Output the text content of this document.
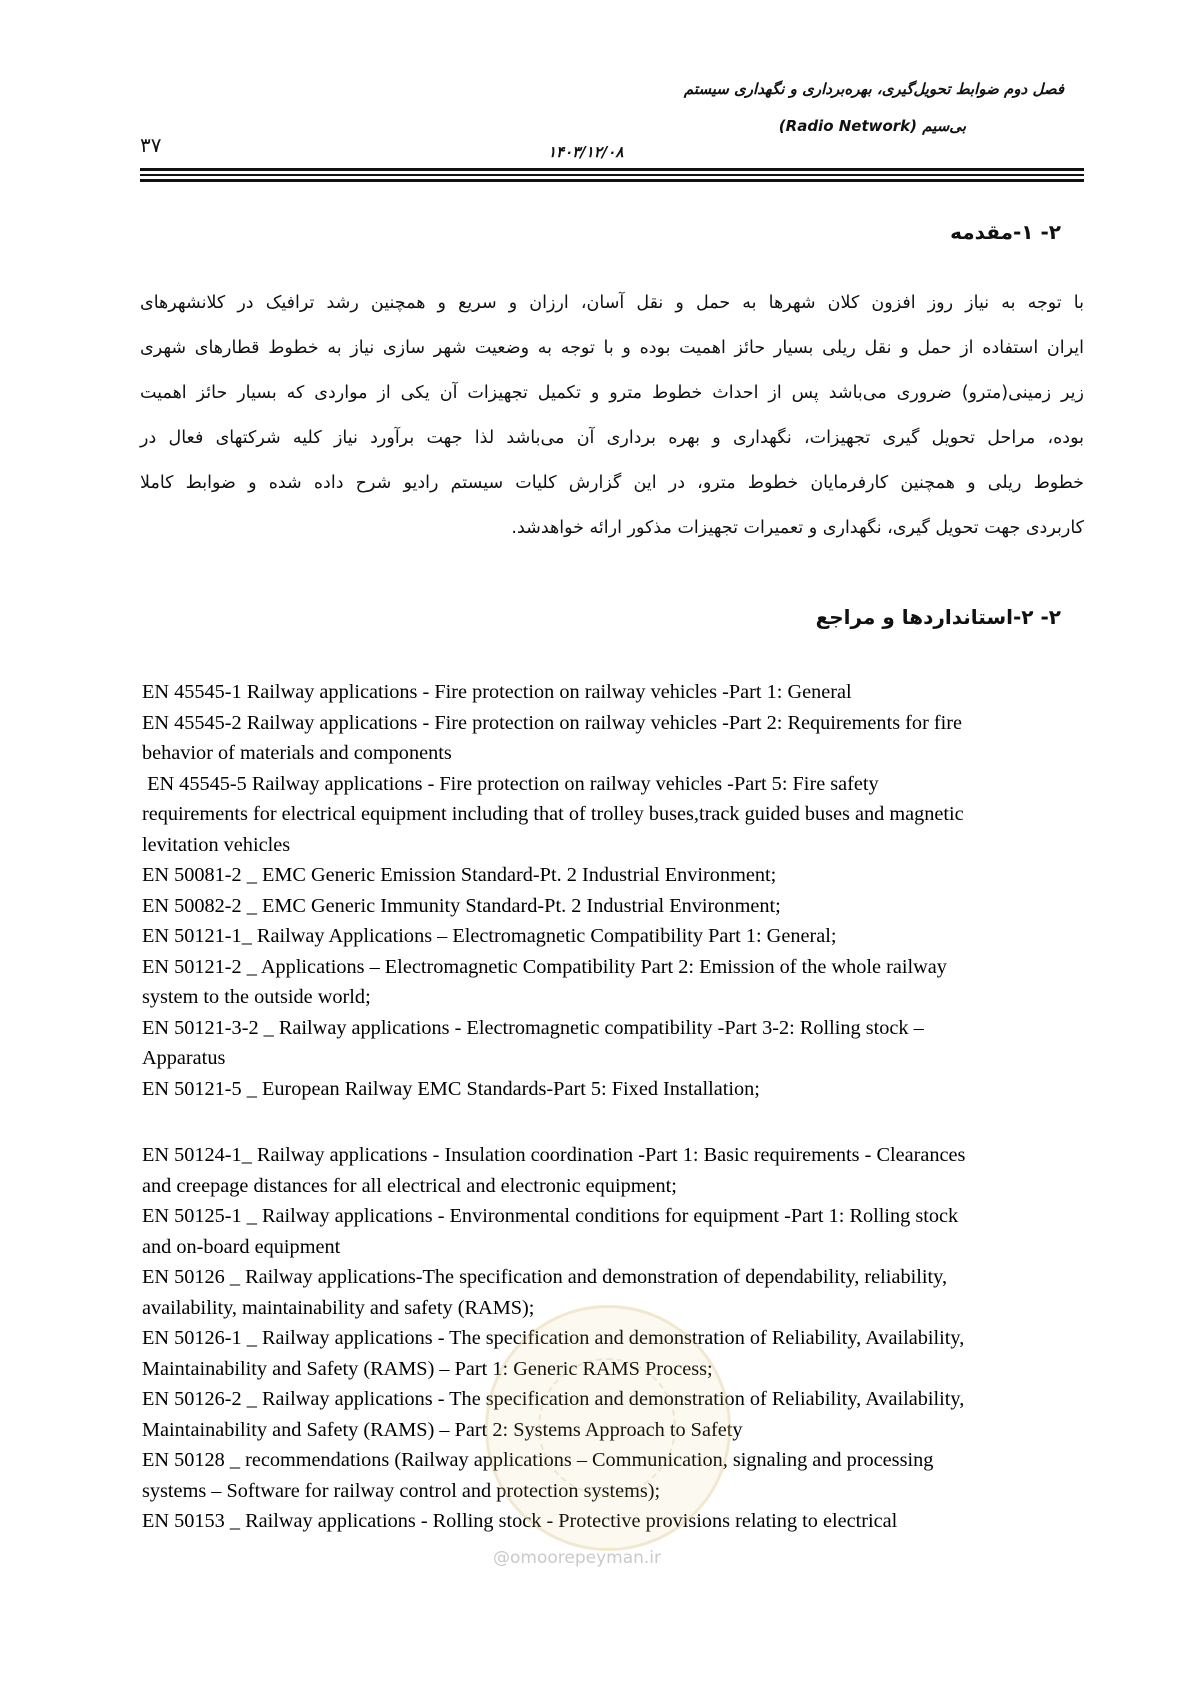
فصل دوم ضوابط تحویل‌گیری، بهره‌برداری و نگهداری سیستم
بی‌سیم (Radio Network)
۱۴۰۳/۱۲/۰۸
۳۷
۲- ۱-مقدمه
با توجه به نیاز روز افزون کلان شهرها به حمل و نقل آسان، ارزان و سریع و همچنین رشد ترافیک در کلانشهرهای
ایران استفاده از حمل و نقل ریلی بسیار حائز اهمیت بوده و با توجه به وضعیت شهر سازی نیاز به خطوط قطارهای شهری
زیر زمینی(مترو) ضروری می‌باشد پس از احداث خطوط مترو و تکمیل تجهیزات آن یکی از مواردی که بسیار حائز اهمیت
بوده، مراحل تحویل گیری تجهیزات، نگهداری و بهره برداری آن می‌باشد لذا جهت برآورد نیاز کلیه شرکتهای فعال در
خطوط ریلی و همچنین کارفرمایان خطوط مترو، در این گزارش کلیات سیستم رادیو شرح داده شده و ضوابط کاملا
کاربردی جهت تحویل گیری، نگهداری و تعمیرات تجهیزات مذکور ارائه خواهدشد.
۲- ۲-استانداردها و مراجع
EN 45545-1 Railway applications - Fire protection on railway vehicles -Part 1: General
EN 45545-2 Railway applications - Fire protection on railway vehicles -Part 2: Requirements for fire
behavior of materials and components
EN 45545-5 Railway applications - Fire protection on railway vehicles -Part 5: Fire safety
requirements for electrical equipment including that of trolley buses,track guided buses and magnetic
levitation vehicles
EN 50081-2 _ EMC Generic Emission Standard-Pt. 2 Industrial Environment;
EN 50082-2 _ EMC Generic Immunity Standard-Pt. 2 Industrial Environment;
EN 50121-1_ Railway Applications – Electromagnetic Compatibility Part 1: General;
EN 50121-2 _ Applications – Electromagnetic Compatibility Part 2: Emission of the whole railway
system to the outside world;
EN 50121-3-2 _ Railway applications - Electromagnetic compatibility -Part 3-2: Rolling stock –
Apparatus
EN 50121-5 _ European Railway EMC Standards-Part 5: Fixed Installation;
EN 50124-1_ Railway applications - Insulation coordination -Part 1: Basic requirements - Clearances
and creepage distances for all electrical and electronic equipment;
EN 50125-1 _ Railway applications - Environmental conditions for equipment -Part 1: Rolling stock
and on-board equipment
EN 50126 _ Railway applications-The specification and demonstration of dependability, reliability,
availability, maintainability and safety (RAMS);
EN 50126-1 _ Railway applications - The specification and demonstration of Reliability, Availability,
Maintainability and Safety (RAMS) – Part 1: Generic RAMS Process;
EN 50126-2 _ Railway applications - The specification and demonstration of Reliability, Availability,
Maintainability and Safety (RAMS) – Part 2: Systems Approach to Safety
EN 50128 _ recommendations (Railway applications – Communication, signaling and processing
systems – Software for railway control and protection systems);
EN 50153 _ Railway applications - Rolling stock - Protective provisions relating to electrical
@omoorepeyman.ir
